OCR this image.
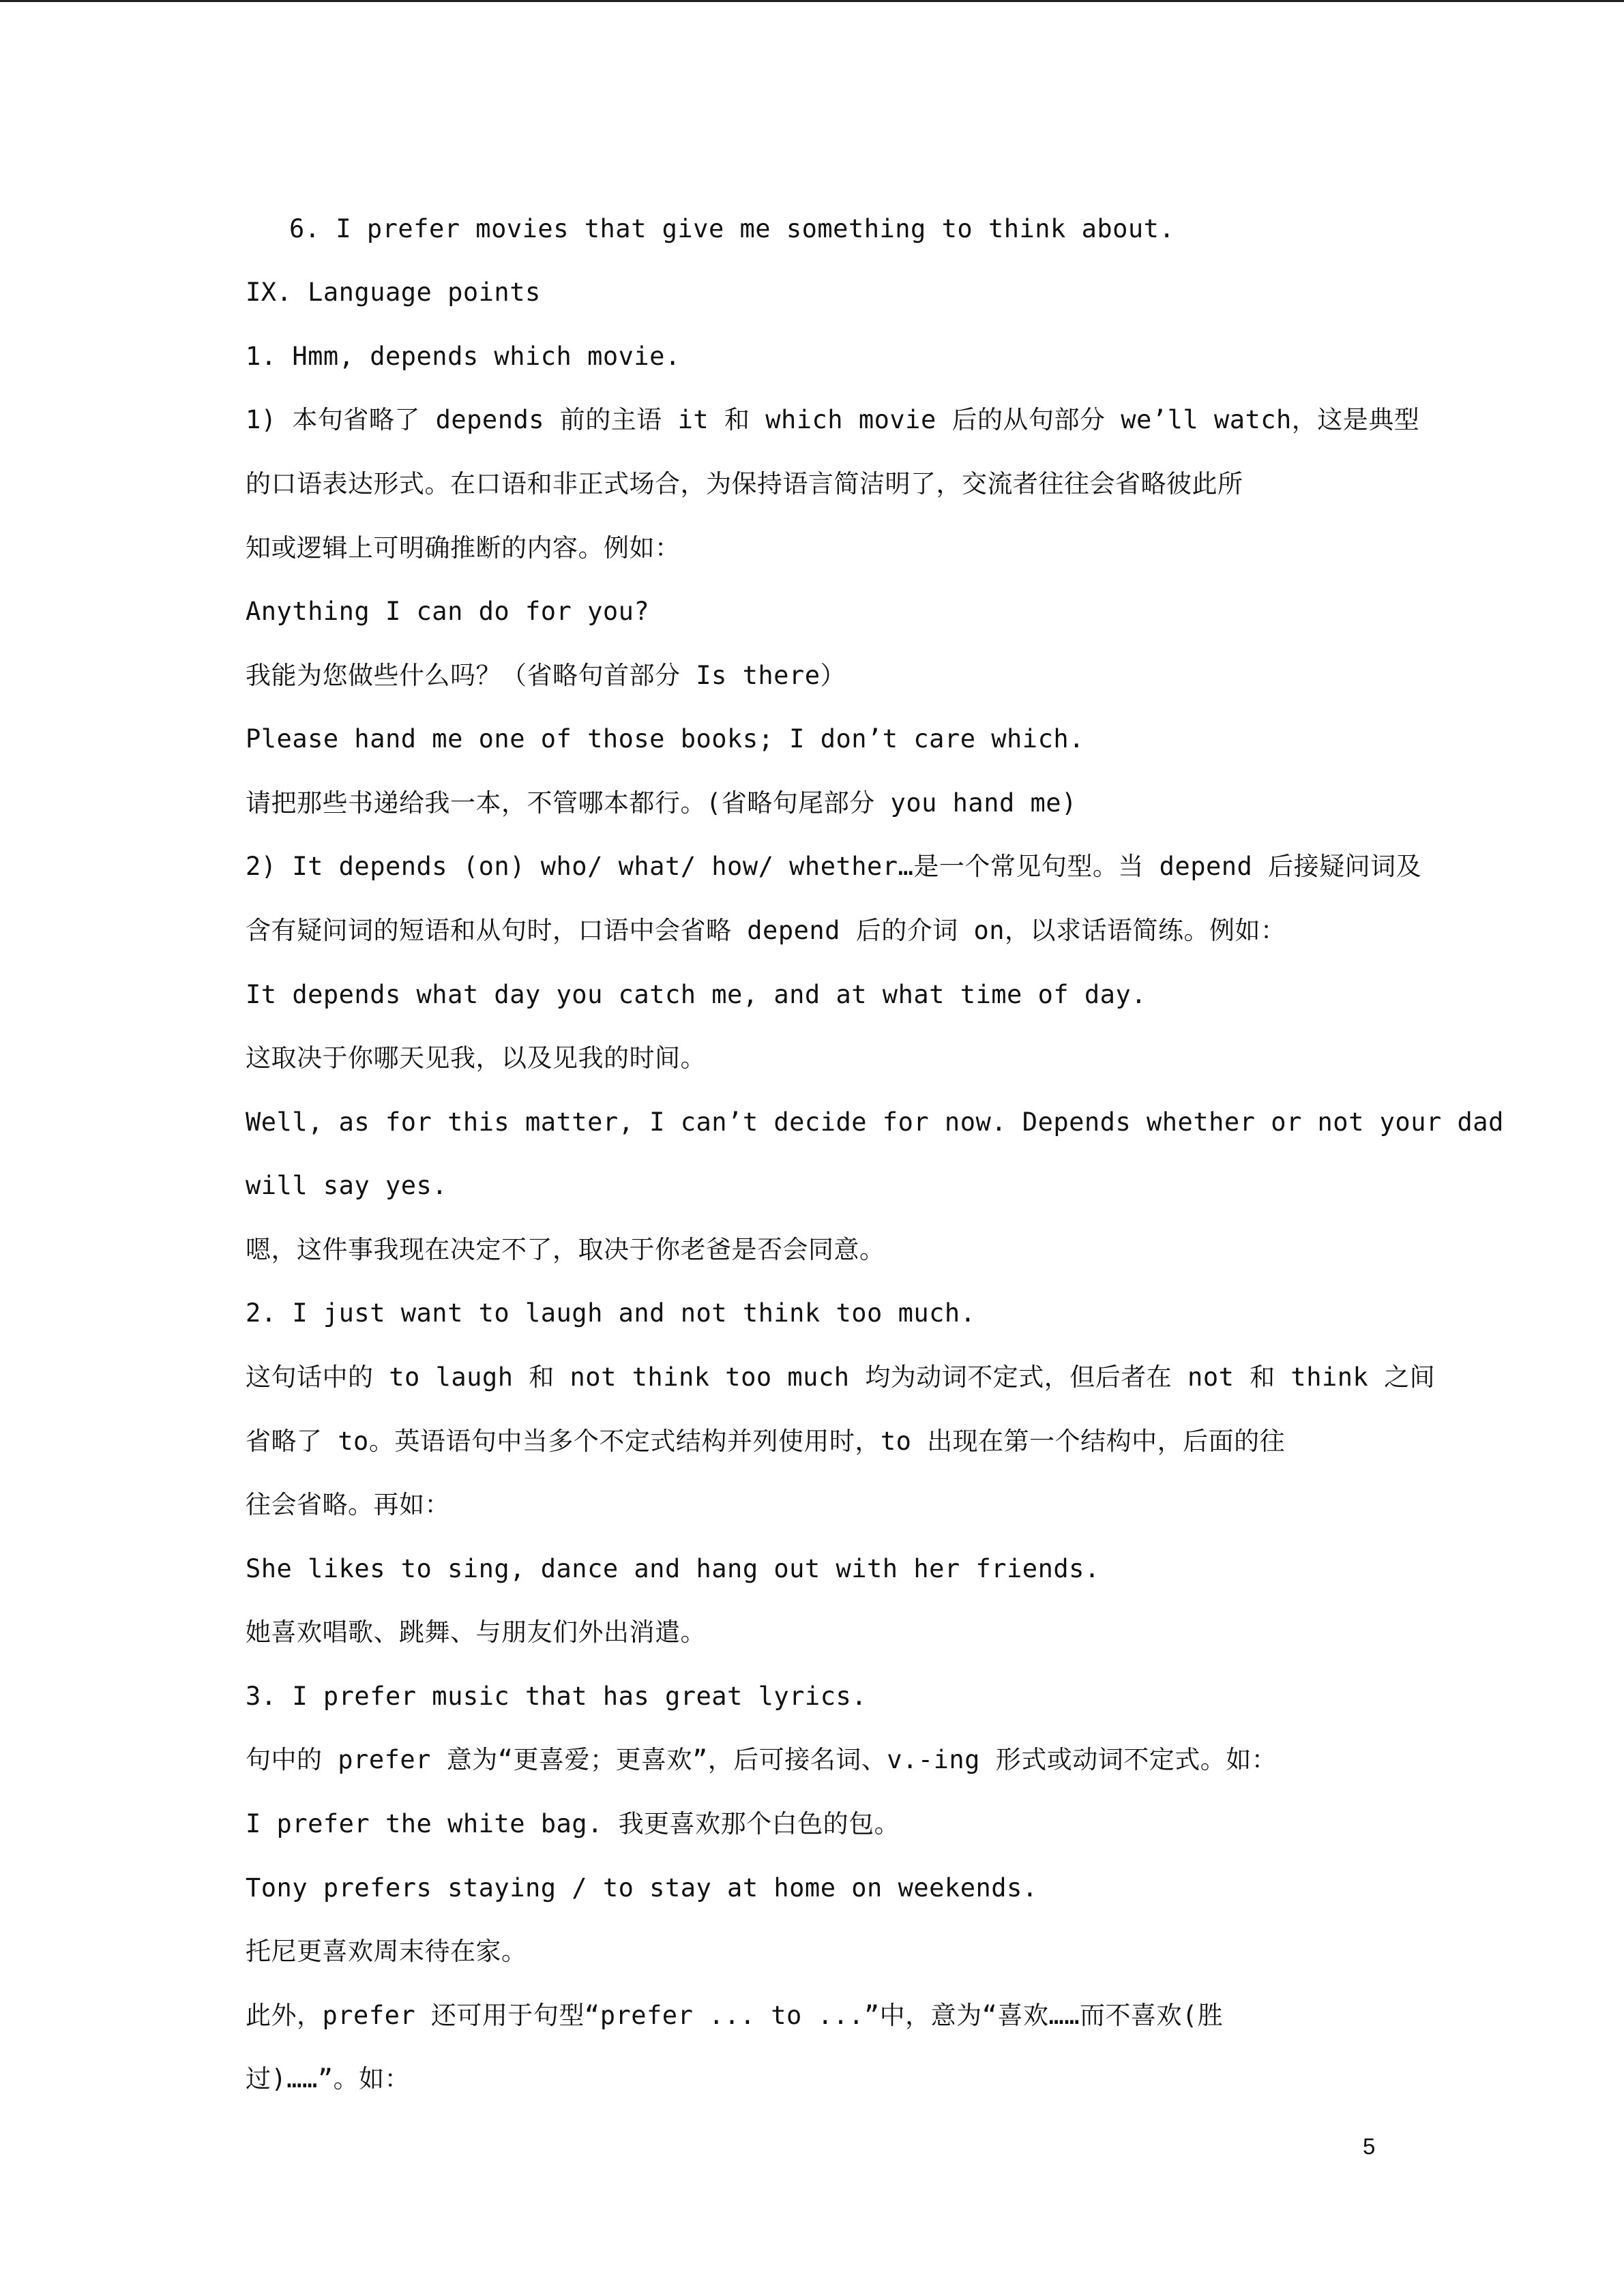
6. I prefer movies that give me something to think about.
IX. Language points
1. Hmm, depends which movie.
1) 本句省略了 depends 前的主语 it 和 which movie 后的从句部分 we’ll watch，这是典型
的口语表达形式。在口语和非正式场合，为保持语言简洁明了，交流者往往会省略彼此所
知或逻辑上可明确推断的内容。例如：
Anything I can do for you?
我能为您做些什么吗？（省略句首部分 Is there）
Please hand me one of those books; I don’t care which.
请把那些书递给我一本，不管哪本都行。(省略句尾部分 you hand me)
2) It depends (on) who/ what/ how/ whether…是一个常见句型。当 depend 后接疑问词及
含有疑问词的短语和从句时，口语中会省略 depend 后的介词 on，以求话语简练。例如：
It depends what day you catch me, and at what time of day.
这取决于你哪天见我，以及见我的时间。
Well, as for this matter, I can’t decide for now. Depends whether or not your dad
will say yes.
嗯，这件事我现在决定不了，取决于你老爸是否会同意。
2. I just want to laugh and not think too much.
这句话中的 to laugh 和 not think too much 均为动词不定式，但后者在 not 和 think 之间
省略了 to。英语语句中当多个不定式结构并列使用时，to 出现在第一个结构中，后面的往
往会省略。再如：
She likes to sing, dance and hang out with her friends.
她喜欢唱歌、跳舞、与朋友们外出消遣。
3. I prefer music that has great lyrics.
句中的 prefer 意为“更喜爱；更喜欢”，后可接名词、v.-ing 形式或动词不定式。如：
I prefer the white bag. 我更喜欢那个白色的包。
Tony prefers staying / to stay at home on weekends.
托尼更喜欢周末待在家。
此外，prefer 还可用于句型“prefer ... to ...”中，意为“喜欢……而不喜欢(胜
过)……”。如：
5
